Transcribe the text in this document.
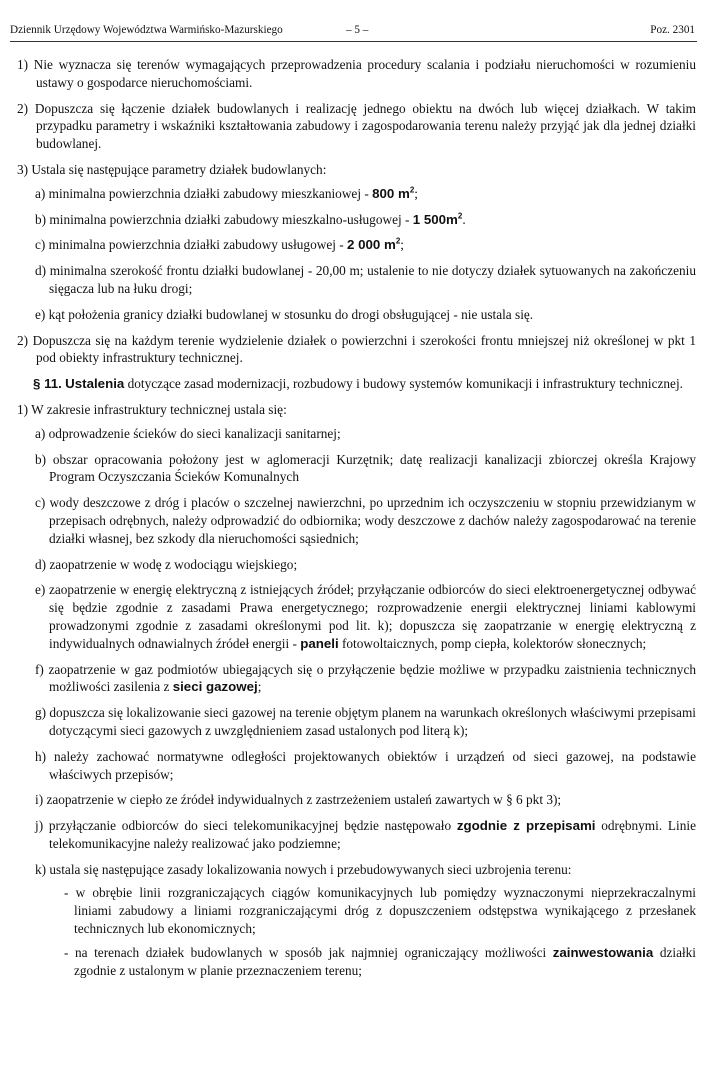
Dziennik Urzędowy Województwa Warmińsko-Mazurskiego	– 5 –	Poz. 2301

1) Nie wyznacza się terenów wymagających przeprowadzenia procedury scalania i podziału nieruchomości w rozumieniu ustawy o gospodarce nieruchomościami.

2) Dopuszcza się łączenie działek budowlanych i realizację jednego obiektu na dwóch lub więcej działkach. W takim przypadku parametry i wskaźniki kształtowania zabudowy i zagospodarowania terenu należy przyjąć jak dla jednej działki budowlanej.

3) Ustala się następujące parametry działek budowlanych:

a) minimalna powierzchnia działki zabudowy mieszkaniowej - 800 $m^2$;

b) minimalna powierzchnia działki zabudowy mieszkalno-usługowej - 1 $500m^2$.

c) minimalna powierzchnia działki zabudowy usługowej - 2 000 $m^2$;

d) minimalna szerokość frontu działki budowlanej - 20,00 m; ustalenie to nie dotyczy działek sytuowanych na zakończeniu sięgacza lub na łuku drogi;

e) kąt położenia granicy działki budowlanej w stosunku do drogi obsługującej - nie ustala się.

2) Dopuszcza się na każdym terenie wydzielenie działek o powierzchni i szerokości frontu mniejszej niż określonej w pkt 1 pod obiekty infrastruktury technicznej.

§ 11. Ustalenia dotyczące zasad modernizacji, rozbudowy i budowy systemów komunikacji i infrastruktury technicznej.

1) W zakresie infrastruktury technicznej ustala się:

a) odprowadzenie ścieków do sieci kanalizacji sanitarnej;

b) obszar opracowania położony jest w aglomeracji Kurzętnik; datę realizacji kanalizacji zbiorczej określa Krajowy Program Oczyszczania Ścieków Komunalnych

c) wody deszczowe z dróg i placów o szczelnej nawierzchni, po uprzednim ich oczyszczeniu w stopniu przewidzianym w przepisach odrębnych, należy odprowadzić do odbiornika; wody deszczowe z dachów należy zagospodarować na terenie działki własnej, bez szkody dla nieruchomości sąsiednich;

d) zaopatrzenie w wodę z wodociągu wiejskiego;

e) zaopatrzenie w energię elektryczną z istniejących źródeł; przyłączanie odbiorców do sieci elektroenergetycznej odbywać się będzie zgodnie z zasadami Prawa energetycznego; rozprowadzenie energii elektrycznej liniami kablowymi prowadzonymi zgodnie z zasadami określonymi pod lit. k); dopuszcza się zaopatrzanie w energię elektryczną z indywidualnych odnawialnych źródeł energii - paneli fotowoltaicznych, pomp ciepła, kolektorów słonecznych;

f) zaopatrzenie w gaz podmiotów ubiegających się o przyłączenie będzie możliwe w przypadku zaistnienia technicznych możliwości zasilenia z sieci gazowej;

g) dopuszcza się lokalizowanie sieci gazowej na terenie objętym planem na warunkach określonych właściwymi przepisami dotyczącymi sieci gazowych z uwzględnieniem zasad ustalonych pod literą k);

h) należy zachować normatywne odległości projektowanych obiektów i urządzeń od sieci gazowej, na podstawie właściwych przepisów;

i) zaopatrzenie w ciepło ze źródeł indywidualnych z zastrzeżeniem ustaleń zawartych w § 6 pkt 3);

j) przyłączanie odbiorców do sieci telekomunikacyjnej będzie następowało zgodnie z przepisami odrębnymi. Linie telekomunikacyjne należy realizować jako podziemne;

k) ustala się następujące zasady lokalizowania nowych i przebudowywanych sieci uzbrojenia terenu:

- w obrębie linii rozgraniczających ciągów komunikacyjnych lub pomiędzy wyznaczonymi nieprzekraczalnymi liniami zabudowy a liniami rozgraniczającymi dróg z dopuszczeniem odstępstwa wynikającego z przesłanek technicznych lub ekonomicznych;

- na terenach działek budowlanych w sposób jak najmniej ograniczający możliwości zainwestowania działki zgodnie z ustalonym w planie przeznaczeniem terenu;
